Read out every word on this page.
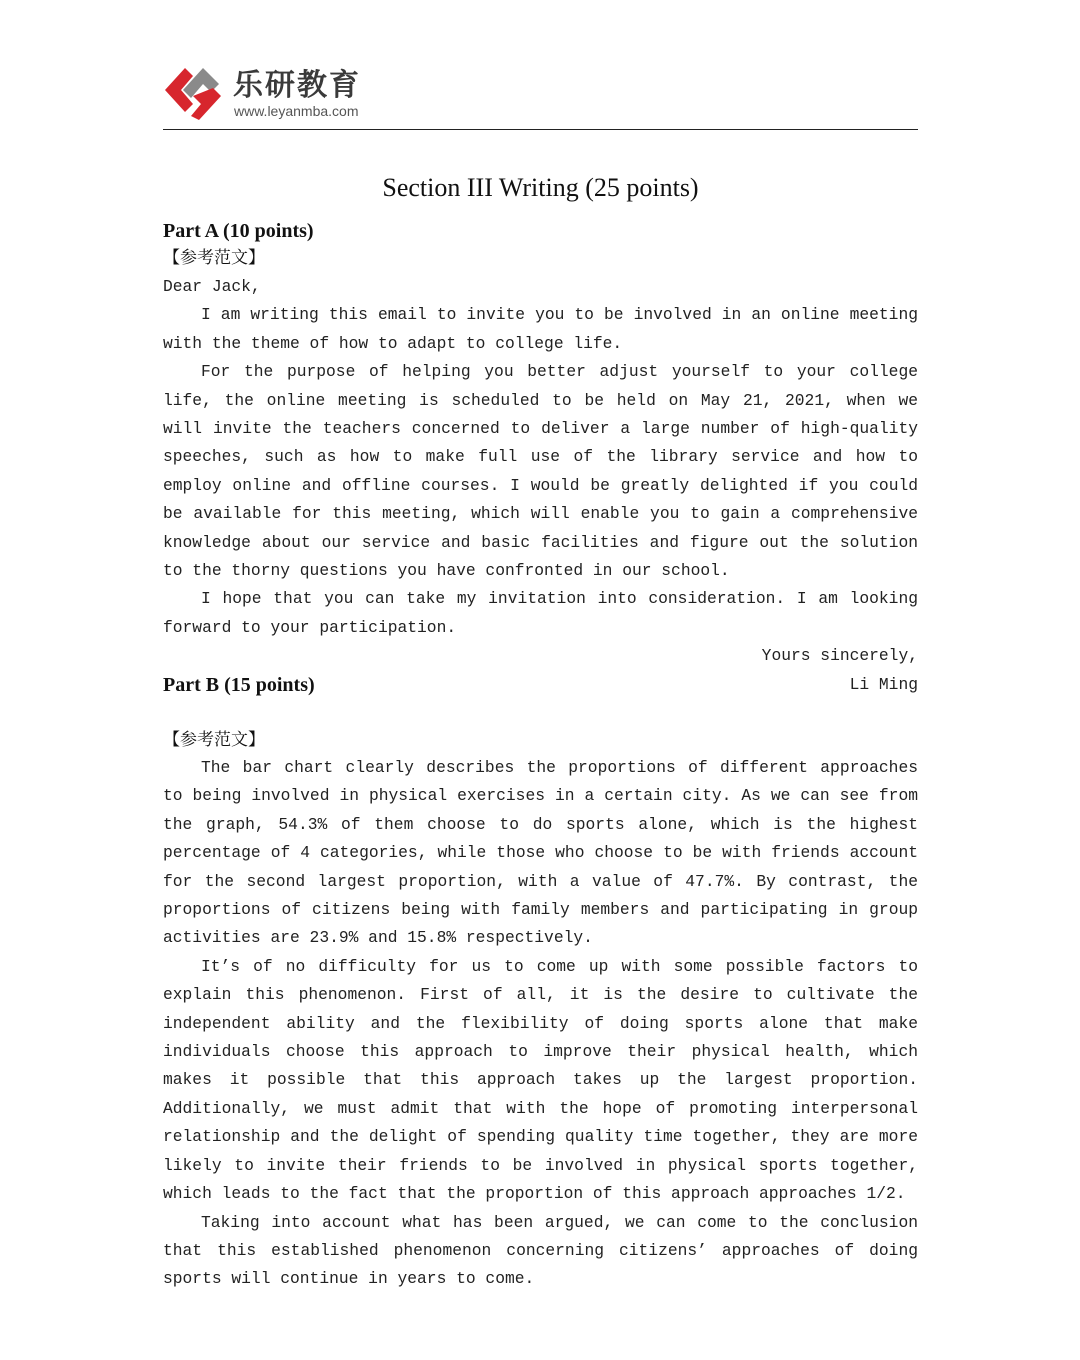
乐研教育
www.leyanmba.com
Section III Writing (25 points)
Part A (10 points)
【参考范文】

Dear Jack,

I am writing this email to invite you to be involved in an online meeting with the theme of how to adapt to college life.

For the purpose of helping you better adjust yourself to your college life, the online meeting is scheduled to be held on May 21, 2021, when we will invite the teachers concerned to deliver a large number of high-quality speeches, such as how to make full use of the library service and how to employ online and offline courses. I would be greatly delighted if you could be available for this meeting, which will enable you to gain a comprehensive knowledge about our service and basic facilities and figure out the solution to the thorny questions you have confronted in our school.

I hope that you can take my invitation into consideration. I am looking forward to your participation.

Yours sincerely,

Li Ming

Part B (15 points)
【参考范文】

The bar chart clearly describes the proportions of different approaches to being involved in physical exercises in a certain city. As we can see from the graph, 54.3% of them choose to do sports alone, which is the highest percentage of 4 categories, while those who choose to be with friends account for the second largest proportion, with a value of 47.7%. By contrast, the proportions of citizens being with family members and participating in group activities are 23.9% and 15.8% respectively.

It’s of no difficulty for us to come up with some possible factors to explain this phenomenon. First of all, it is the desire to cultivate the independent ability and the flexibility of doing sports alone that make individuals choose this approach to improve their physical health, which makes it possible that this approach takes up the largest proportion. Additionally, we must admit that with the hope of promoting interpersonal relationship and the delight of spending quality time together, they are more likely to invite their friends to be involved in physical sports together, which leads to the fact that the proportion of this approach approaches 1/2.

Taking into account what has been argued, we can come to the conclusion that this established phenomenon concerning citizens’ approaches of doing sports will continue in years to come.
